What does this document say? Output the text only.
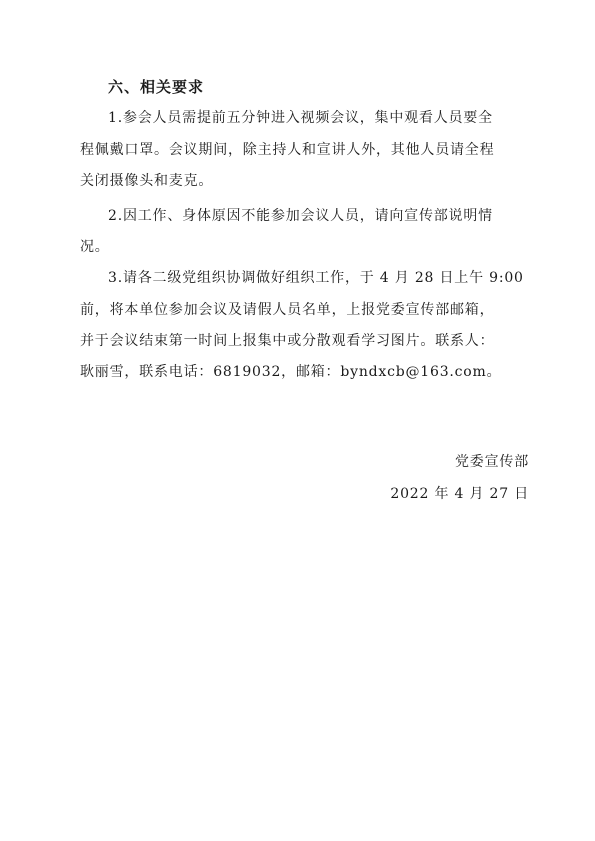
六、相关要求
1.参会人员需提前五分钟进入视频会议，集中观看人员要全
程佩戴口罩。会议期间，除主持人和宣讲人外，其他人员请全程
关闭摄像头和麦克。
2.因工作、身体原因不能参加会议人员，请向宣传部说明情
况。
3.请各二级党组织协调做好组织工作，于 4 月 28 日上午 9:00
前，将本单位参加会议及请假人员名单，上报党委宣传部邮箱，
并于会议结束第一时间上报集中或分散观看学习图片。联系人：
耿丽雪，联系电话：6819032，邮箱：byndxcb@163.com。
党委宣传部
2022 年 4 月 27 日
